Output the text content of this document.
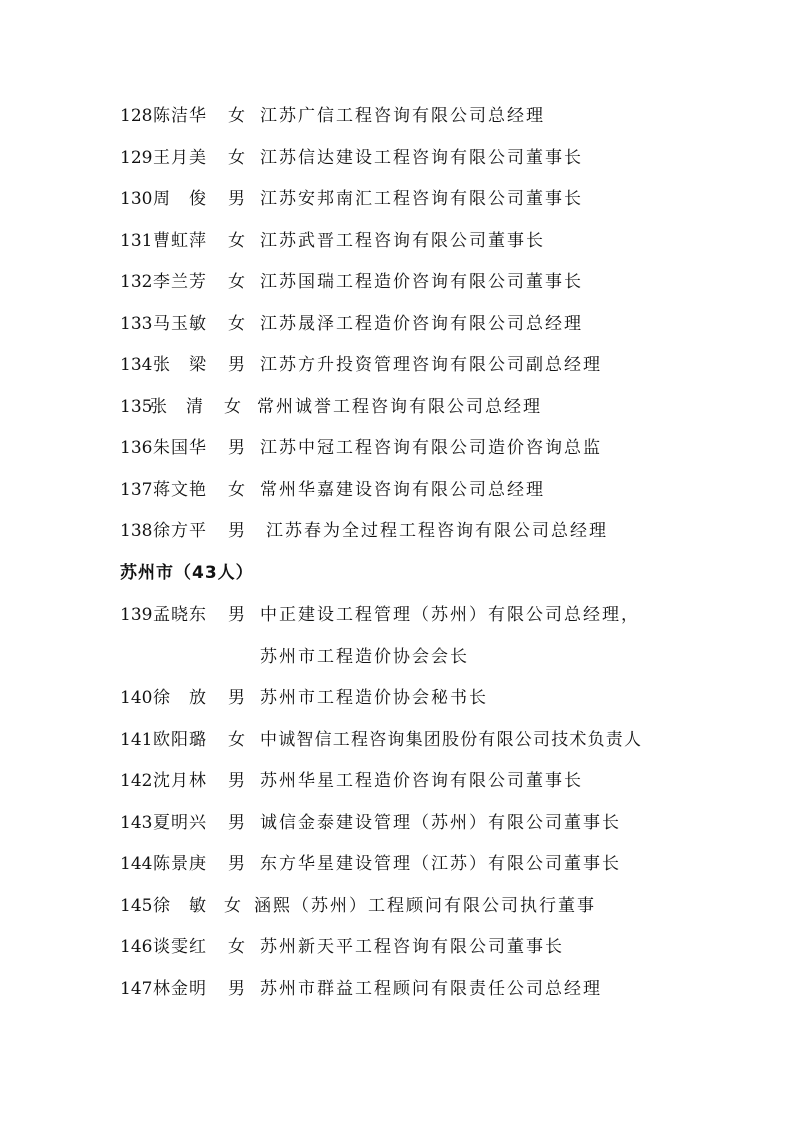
128 陈洁华 女 江苏广信工程咨询有限公司总经理
129 王月美 女 江苏信达建设工程咨询有限公司董事长
130 周　俊 男 江苏安邦南汇工程咨询有限公司董事长
131 曹虹萍 女 江苏武晋工程咨询有限公司董事长
132 李兰芳 女 江苏国瑞工程造价咨询有限公司董事长
133 马玉敏 女 江苏晟泽工程造价咨询有限公司总经理
134 张　梁 男 江苏方升投资管理咨询有限公司副总经理
135
张　清 女 常州诚誉工程咨询有限公司总经理
136 朱国华 男 江苏中冠工程咨询有限公司造价咨询总监
137 蒋文艳 女 常州华嘉建设咨询有限公司总经理
138 徐方平 男 江苏春为全过程工程咨询有限公司总经理
苏州市（43人）
139 孟晓东 男 中正建设工程管理（苏州）有限公司总经理，
苏州市工程造价协会会长
140 徐　放 男 苏州市工程造价协会秘书长
141 欧阳璐 女 中诚智信工程咨询集团股份有限公司技术负责人
142 沈月林 男 苏州华星工程造价咨询有限公司董事长
143 夏明兴 男 诚信金泰建设管理（苏州）有限公司董事长
144 陈景庚 男 东方华星建设管理（江苏）有限公司董事长
145 徐　敏 女 涵熙（苏州）工程顾问有限公司执行董事
146 谈雯红 女 苏州新天平工程咨询有限公司董事长
147 林金明 男 苏州市群益工程顾问有限责任公司总经理
